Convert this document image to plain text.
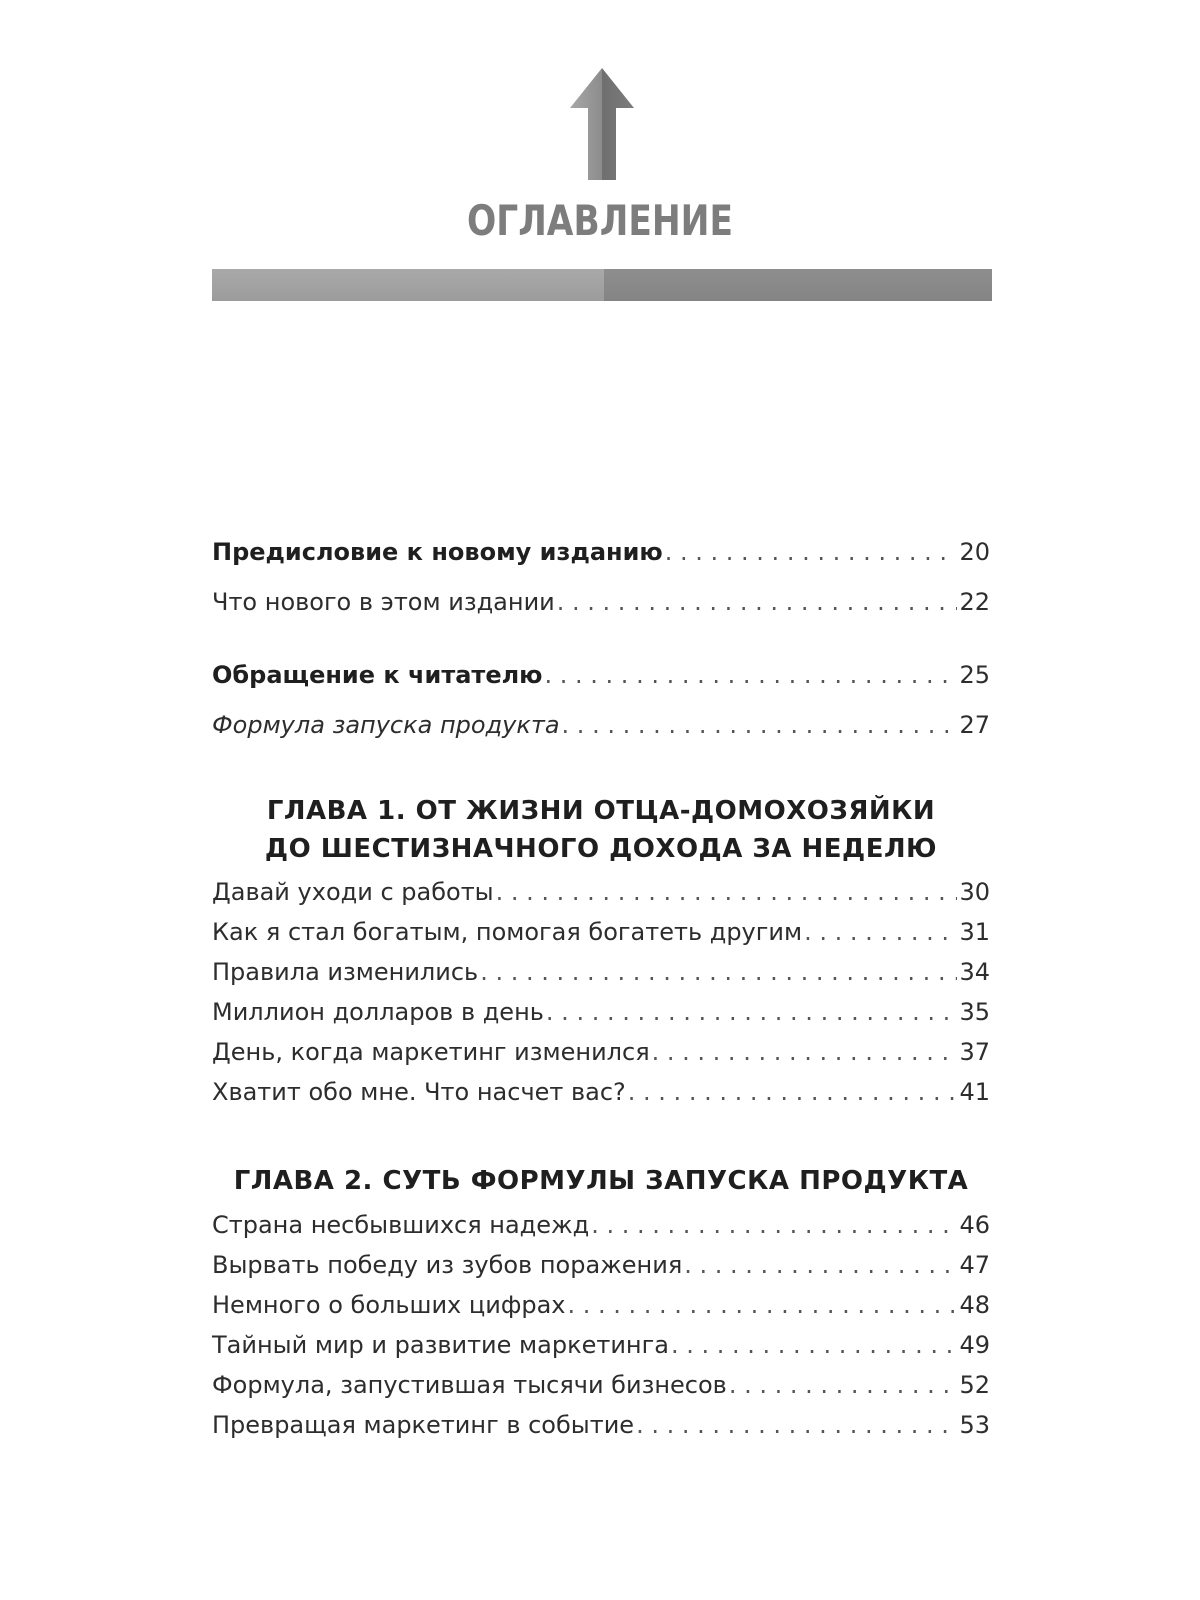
ОГЛАВЛЕНИЕ
Предисловие к новому изданию . . .	20
Что нового в этом издании . . .	22
Обращение к читателю . . .	25
Формула запуска продукта . . .	27
ГЛАВА 1. ОТ ЖИЗНИ ОТЦА-ДОМОХОЗЯЙКИ
ДО ШЕСТИЗНАЧНОГО ДОХОДА ЗА НЕДЕЛЮ
Давай уходи с работы . . .	30
Как я стал богатым, помогая богатеть другим . . .	31
Правила изменились . . .	34
Миллион долларов в день . . .	35
День, когда маркетинг изменился . . .	37
Хватит обо мне. Что насчет вас? . . .	41
ГЛАВА 2. СУТЬ ФОРМУЛЫ ЗАПУСКА ПРОДУКТА
Страна несбывшихся надежд . . .	46
Вырвать победу из зубов поражения . . .	47
Немного о больших цифрах . . .	48
Тайный мир и развитие маркетинга . . .	49
Формула, запустившая тысячи бизнесов . . .	52
Превращая маркетинг в событие . . .	53
